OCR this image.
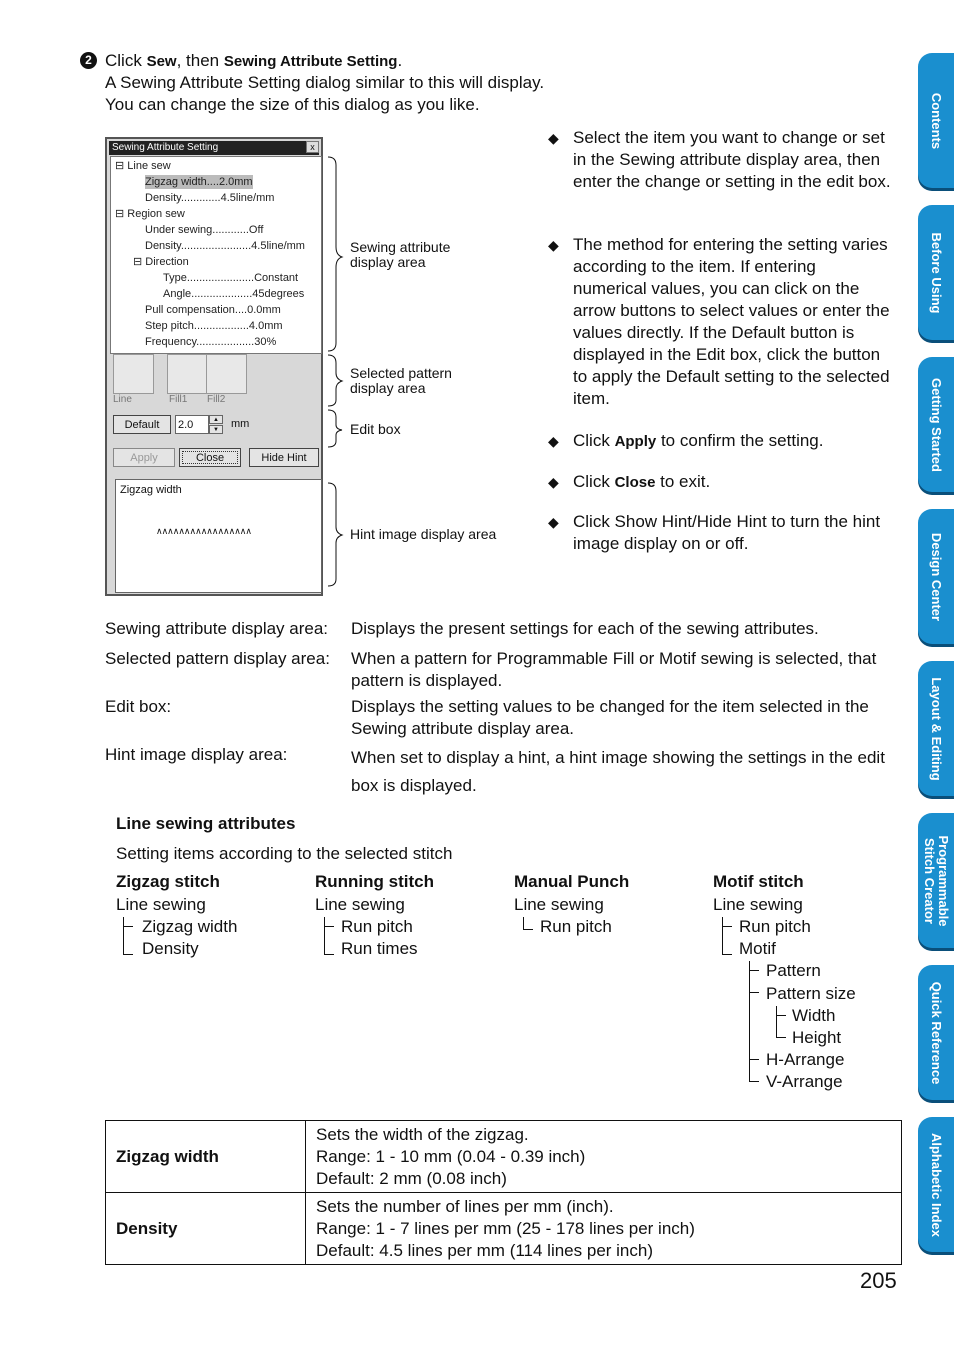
2 Click Sew, then Sewing Attribute Setting.
A Sewing Attribute Setting dialog similar to this will display.
You can change the size of this dialog as you like.
Sewing Attribute Setting	x
⊟ Line sew
Zigzag width....2.0mm
Density.............4.5line/mm
⊟ Region sew
Under sewing............Off
Density.......................4.5line/mm
⊟ Direction
Type......................Constant
Angle....................45degrees
Pull compensation....0.0mm
Step pitch..................4.0mm
Frequency...................30%
Line	Fill1 Fill2
Default	2.0	▲
▼	mm
Apply	Close	Hide Hint
Zigzag width
∧∧∧∧∧∧∧∧∧∧∧∧∧∧∧∧∧
Sewing attribute
display area
Selected pattern
display area
Edit box
Hint image display area
◆ Select the item you want to change or set in the Sewing attribute display area, then enter the change or setting in the edit box.
◆ The method for entering the setting varies according to the item. If entering numerical values, you can click on the arrow buttons to select values or enter the values directly. If the Default button is displayed in the Edit box, click the button to apply the Default setting to the selected item.
◆ Click Apply to confirm the setting.
◆ Click Close to exit.
◆ Click Show Hint/Hide Hint to turn the hint image display on or off.
Sewing attribute display area: Displays the present settings for each of the sewing attributes.
Selected pattern display area: When a pattern for Programmable Fill or Motif sewing is selected, that pattern is displayed.
Edit box:	Displays the setting values to be changed for the item selected in the Sewing attribute display area.
Hint image display area:	When set to display a hint, a hint image showing the settings in the edit box is displayed.
Line sewing attributes
Setting items according to the selected stitch
Zigzag stitch
Line sewing
Zigzag width
Density
Running stitch
Line sewing
Run pitch
Run times
Manual Punch
Line sewing
Run pitch
Motif stitch
Line sewing
Run pitch
Motif
Pattern
Pattern size
Width
Height
H-Arrange
V-Arrange
Zigzag width	Sets the width of the zigzag.
Range: 1 - 10 mm (0.04 - 0.39 inch)
Default: 2 mm (0.08 inch)

Density	Sets the number of lines per mm (inch).
Range: 1 - 7 lines per mm (25 - 178 lines per inch)
Default: 4.5 lines per mm (114 lines per inch)
205
Contents
Before Using
Getting Started
Design Center
Layout & Editing
Programmable Stitch Creator
Quick Reference
Alphabetic Index
